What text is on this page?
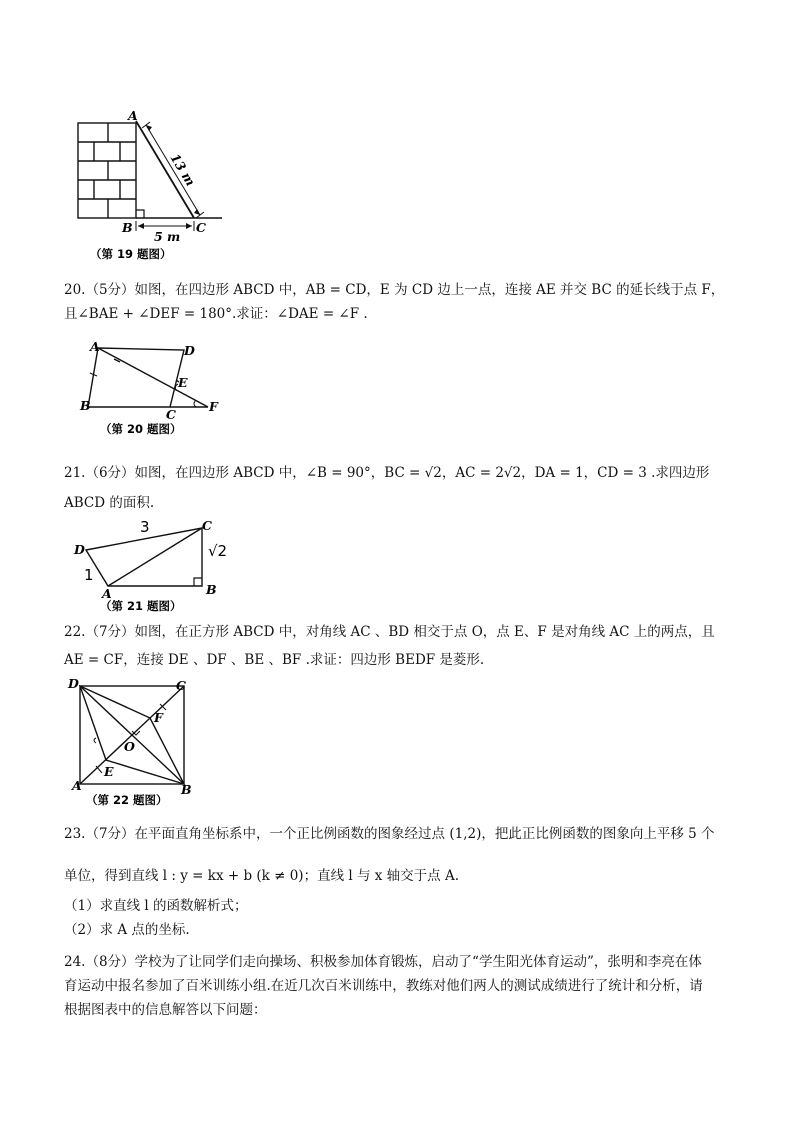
A
B	C
13 m
5 m
（第 19 题图）
20.（5分）如图，在四边形 ABCD 中，AB = CD，E 为 CD 边上一点，连接 AE 并交 BC 的延长线于点 F，
且∠BAE + ∠DEF = 180°.求证：∠DAE = ∠F .
A	D
B
C
E
F
（第 20 题图）
21.（6分）如图，在四边形 ABCD 中，∠B = 90°，BC = √2，AC = 2√2，DA = 1，CD = 3 .求四边形
ABCD 的面积.
D
C
A	B
3
1
√2
（第 21 题图）
22.（7分）如图，在正方形 ABCD 中，对角线 AC 、BD 相交于点 O，点 E、F 是对角线 AC 上的两点，且
AE = CF，连接 DE 、DF 、BE 、BF .求证：四边形 BEDF 是菱形.
D	C
A	B
E
F
O
（第 22 题图）
23.（7分）在平面直角坐标系中，一个正比例函数的图象经过点 (1,2)，把此正比例函数的图象向上平移 5 个
单位，得到直线 l : y = kx + b (k ≠ 0)；直线 l 与 x 轴交于点 A.
（1）求直线 l 的函数解析式；
（2）求 A 点的坐标.
24.（8分）学校为了让同学们走向操场、积极参加体育锻炼，启动了“学生阳光体育运动”，张明和李亮在体
育运动中报名参加了百米训练小组.在近几次百米训练中，教练对他们两人的测试成绩进行了统计和分析，请
根据图表中的信息解答以下问题：
